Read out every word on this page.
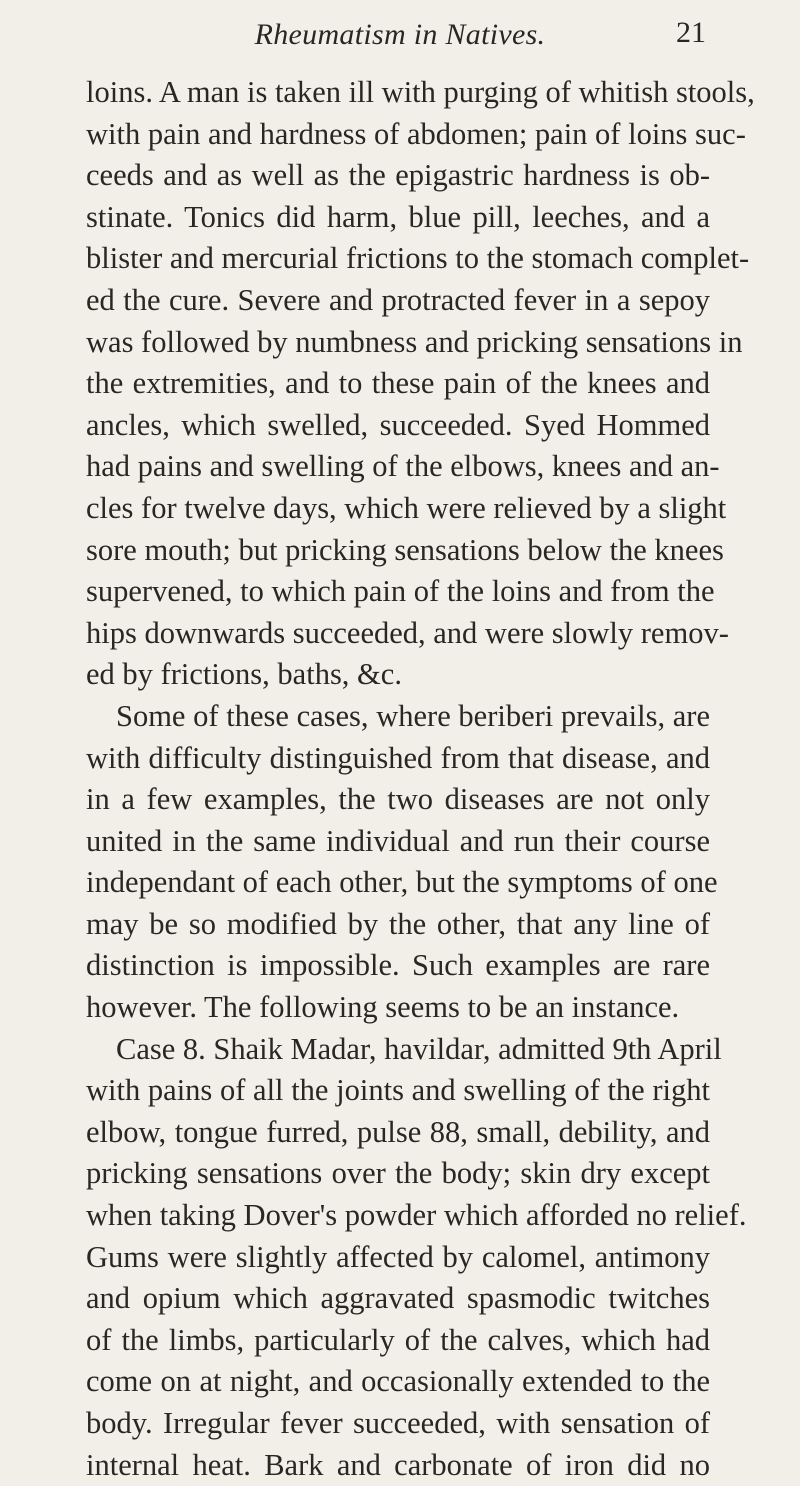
Rheumatism in Natives.	21
loins. A man is taken ill with purging of whitish stools,
with pain and hardness of abdomen; pain of loins suc-
ceeds and as well as the epigastric hardness is ob-
stinate. Tonics did harm, blue pill, leeches, and a
blister and mercurial frictions to the stomach complet-
ed the cure. Severe and protracted fever in a sepoy
was followed by numbness and pricking sensations in
the extremities, and to these pain of the knees and
ancles, which swelled, succeeded. Syed Hommed
had pains and swelling of the elbows, knees and an-
cles for twelve days, which were relieved by a slight
sore mouth; but pricking sensations below the knees
supervened, to which pain of the loins and from the
hips downwards succeeded, and were slowly remov-
ed by frictions, baths, &c.
Some of these cases, where beriberi prevails, are
with difficulty distinguished from that disease, and
in a few examples, the two diseases are not only
united in the same individual and run their course
independant of each other, but the symptoms of one
may be so modified by the other, that any line of
distinction is impossible. Such examples are rare
however. The following seems to be an instance.
Case 8. Shaik Madar, havildar, admitted 9th April
with pains of all the joints and swelling of the right
elbow, tongue furred, pulse 88, small, debility, and
pricking sensations over the body; skin dry except
when taking Dover's powder which afforded no relief.
Gums were slightly affected by calomel, antimony
and opium which aggravated spasmodic twitches
of the limbs, particularly of the calves, which had
come on at night, and occasionally extended to the
body. Irregular fever succeeded, with sensation of
internal heat. Bark and carbonate of iron did no
